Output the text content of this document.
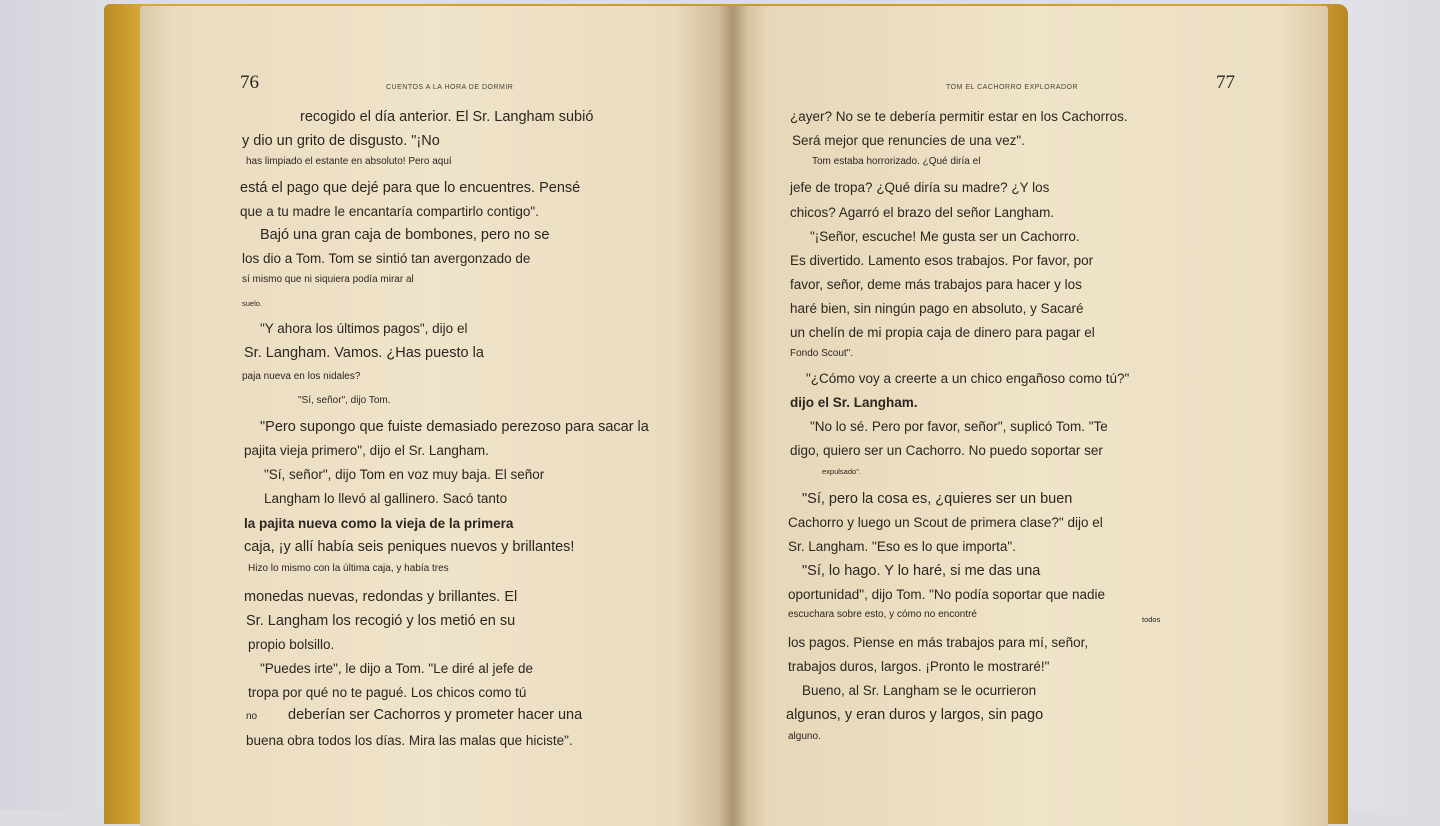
76	CUENTOS A LA HORA DE DORMIR
recogido el día anterior. El Sr. Langham subió
y dio un grito de disgusto. "¡No
has limpiado el estante en absoluto! Pero aquí
está el pago que dejé para que lo encuentres. Pensé
que a tu madre le encantaría compartirlo contigo".
Bajó una gran caja de bombones, pero no se
los dio a Tom. Tom se sintió tan avergonzado de
sí mismo que ni siquiera podía mirar al
suelo.
"Y ahora los últimos pagos", dijo el
Sr. Langham. Vamos. ¿Has puesto la
paja nueva en los nidales?
"Sí, señor", dijo Tom.
"Pero supongo que fuiste demasiado perezoso para sacar la
pajita vieja primero", dijo el Sr. Langham.
"Sí, señor", dijo Tom en voz muy baja. El señor
Langham lo llevó al gallinero. Sacó tanto
la pajita nueva como la vieja de la primera
caja, ¡y allí había seis peniques nuevos y brillantes!
Hizo lo mismo con la última caja, y había tres
monedas nuevas, redondas y brillantes. El
Sr. Langham los recogió y los metió en su
propio bolsillo.
"Puedes irte", le dijo a Tom. "Le diré al jefe de
tropa por qué no te pagué. Los chicos como tú
no deberían ser Cachorros y prometer hacer una
buena obra todos los días. Mira las malas que hiciste".
77
TOM EL CACHORRO EXPLORADOR
¿ayer? No se te debería permitir estar en los Cachorros.
Será mejor que renuncies de una vez".
Tom estaba horrorizado. ¿Qué diría el
jefe de tropa? ¿Qué diría su madre? ¿Y los
chicos? Agarró el brazo del señor Langham.
"¡Señor, escuche! Me gusta ser un Cachorro.
Es divertido. Lamento esos trabajos. Por favor, por
favor, señor, deme más trabajos para hacer y los
haré bien, sin ningún pago en absoluto, y Sacaré
un chelín de mi propia caja de dinero para pagar el
Fondo Scout".
"¿Cómo voy a creerte a un chico engañoso como tú?"
dijo el Sr. Langham.
"No lo sé. Pero por favor, señor", suplicó Tom. "Te
digo, quiero ser un Cachorro. No puedo soportar ser
expulsado".
"Sí, pero la cosa es, ¿quieres ser un buen
Cachorro y luego un Scout de primera clase?" dijo el
Sr. Langham. "Eso es lo que importa".
"Sí, lo hago. Y lo haré, si me das una
oportunidad", dijo Tom. "No podía soportar que nadie
escuchara sobre esto, y cómo no encontré	todos
los pagos. Piense en más trabajos para mí, señor,
trabajos duros, largos. ¡Pronto le mostraré!"
Bueno, al Sr. Langham se le ocurrieron
algunos, y eran duros y largos, sin pago
alguno.
